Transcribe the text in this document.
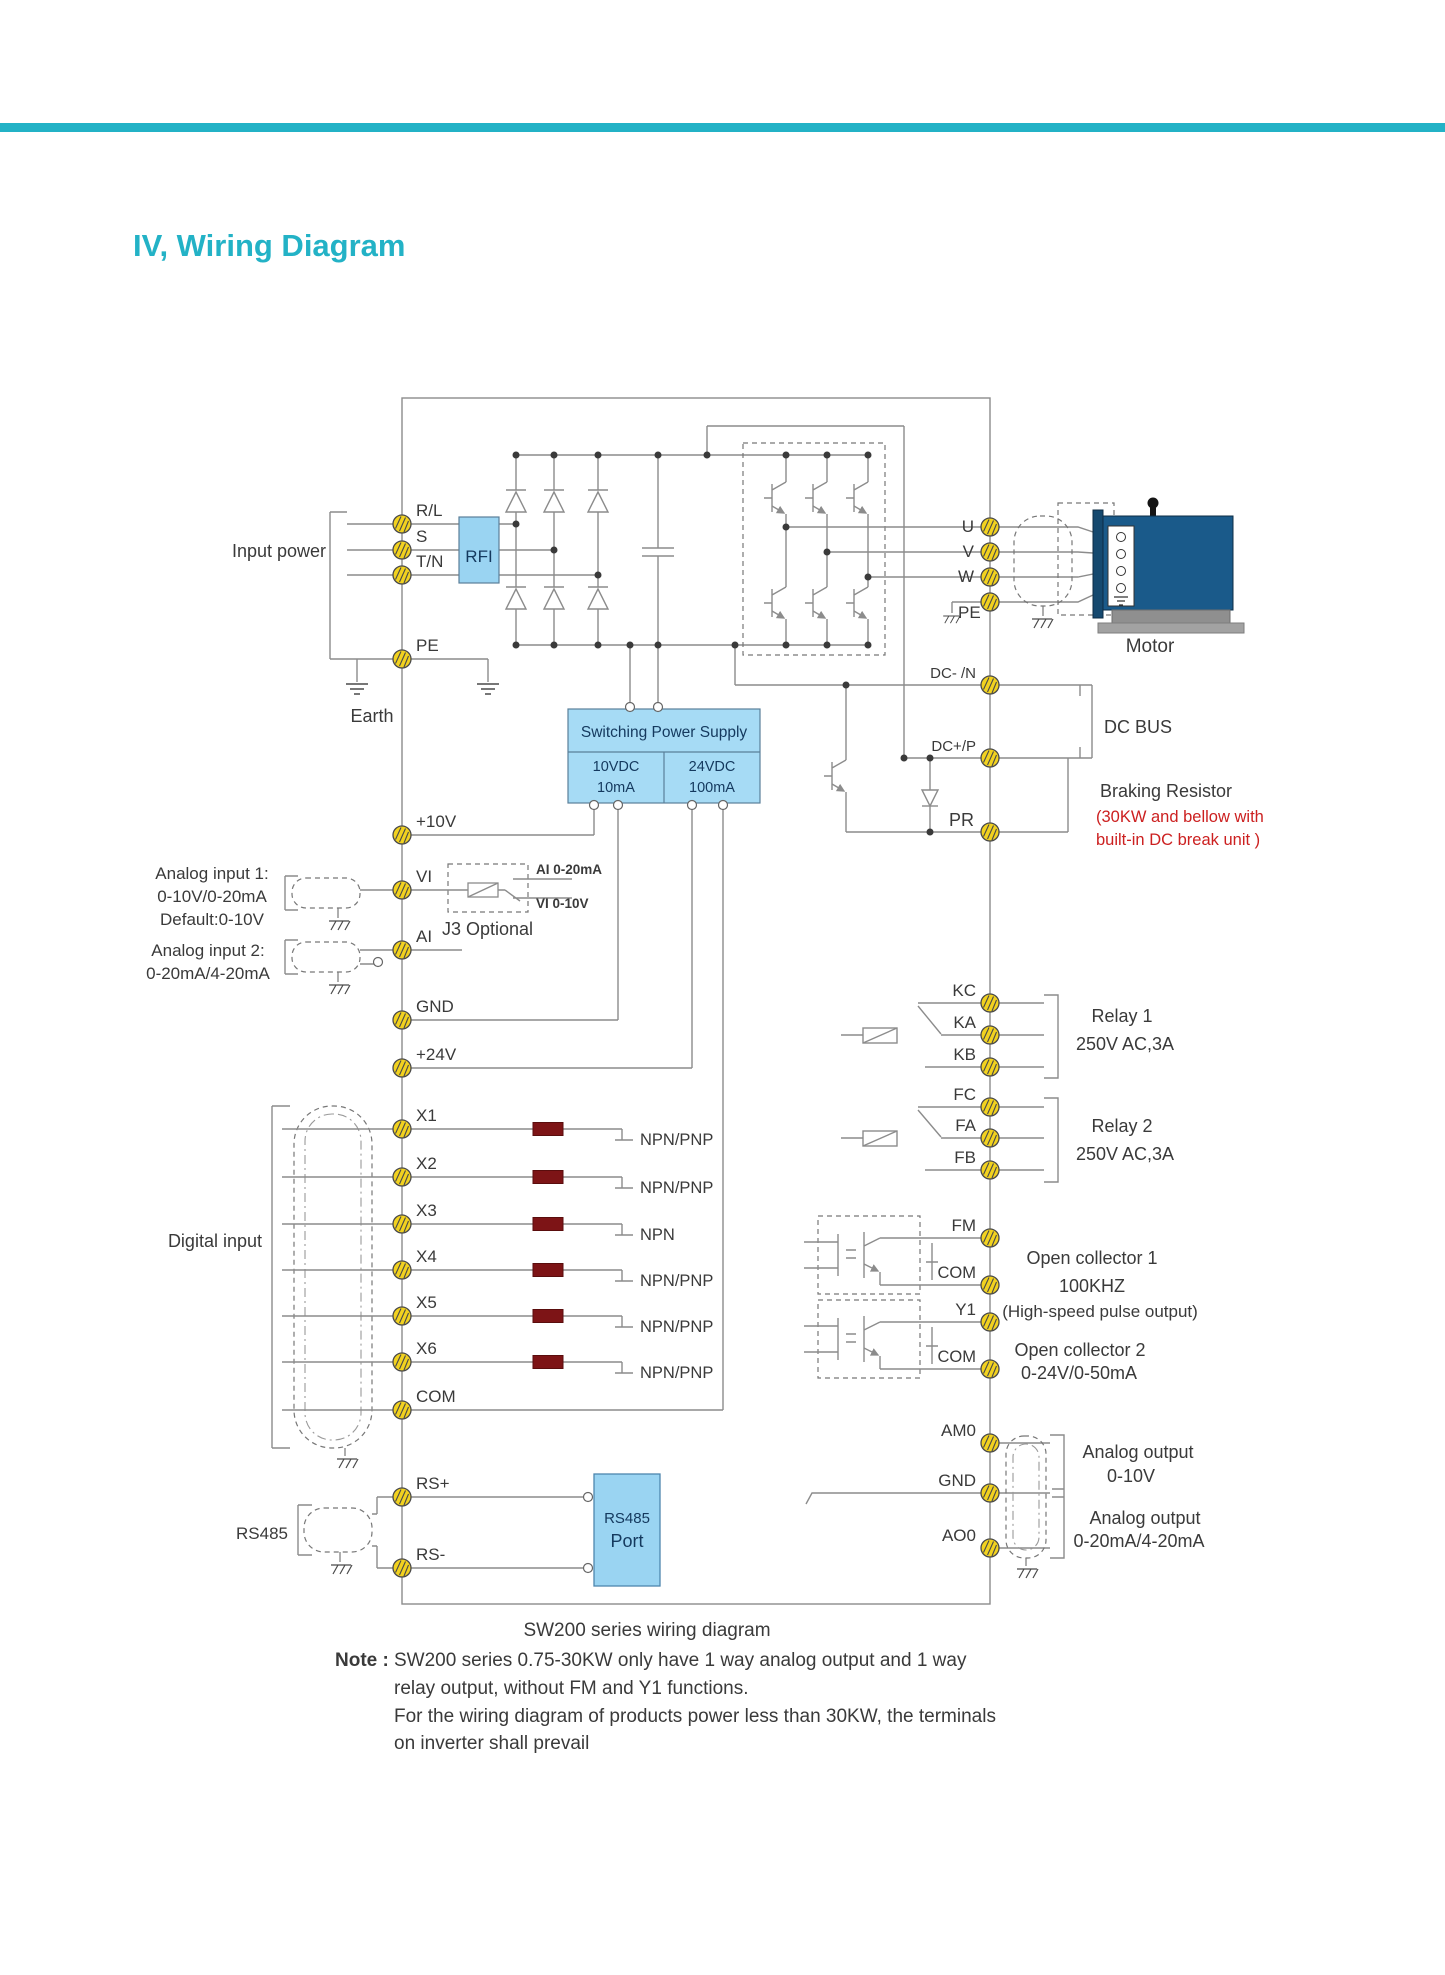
IV, Wiring Diagram
RFI
Switching Power Supply
10VDC
10mA
24VDC
100mA
RS485
Port
R/L
S
T/N
PE
+10V
VI
AI
GND
+24V
X1
X2
X3
X4
X5
X6
COM
RS+
RS-
U
V
W
PE
DC- /N
DC+/P
PR
KC
KA
KB
FC
FA
FB
FM
COM
Y1
COM
AM0
GND
AO0
Input power
Earth
Analog input 1:
0-10V/0-20mA
Default:0-10V
Analog input 2:
0-20mA/4-20mA
AI 0-20mA
VI 0-10V
J3 Optional
Digital input
RS485
NPN/PNP
NPN/PNP
NPN
NPN/PNP
NPN/PNP
NPN/PNP
Motor
DC BUS
Braking Resistor
(30KW and bellow with
built-in DC break unit )
Relay 1
250V AC,3A
Relay 2
250V AC,3A
Open collector 1
100KHZ
(High-speed pulse output)
Open collector 2
0-24V/0-50mA
Analog output
0-10V
Analog output
0-20mA/4-20mA
SW200 series wiring diagram
Note : SW200 series 0.75-30KW only have 1 way analog output and 1 way
relay output, without FM and Y1 functions.
For the wiring diagram of products power less than 30KW, the terminals
on inverter shall prevail
